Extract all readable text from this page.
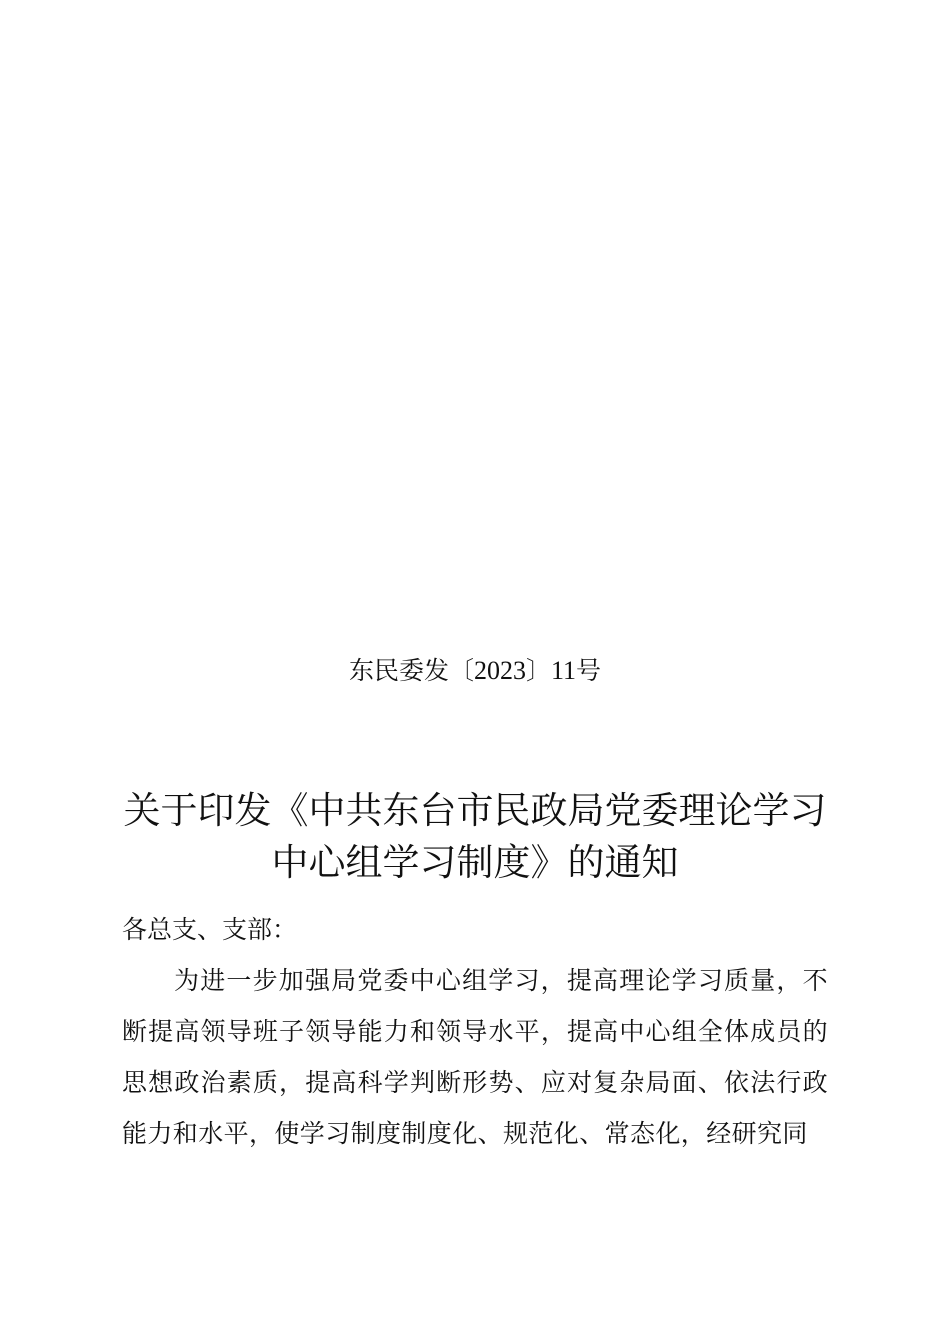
东民委发〔2023〕11号
关于印发《中共东台市民政局党委理论学习中心组学习制度》的通知
各总支、支部：
为进一步加强局党委中心组学习，提高理论学习质量，不断提高领导班子领导能力和领导水平，提高中心组全体成员的思想政治素质，提高科学判断形势、应对复杂局面、依法行政能力和水平，使学习制度制度化、规范化、常态化，经研究同
